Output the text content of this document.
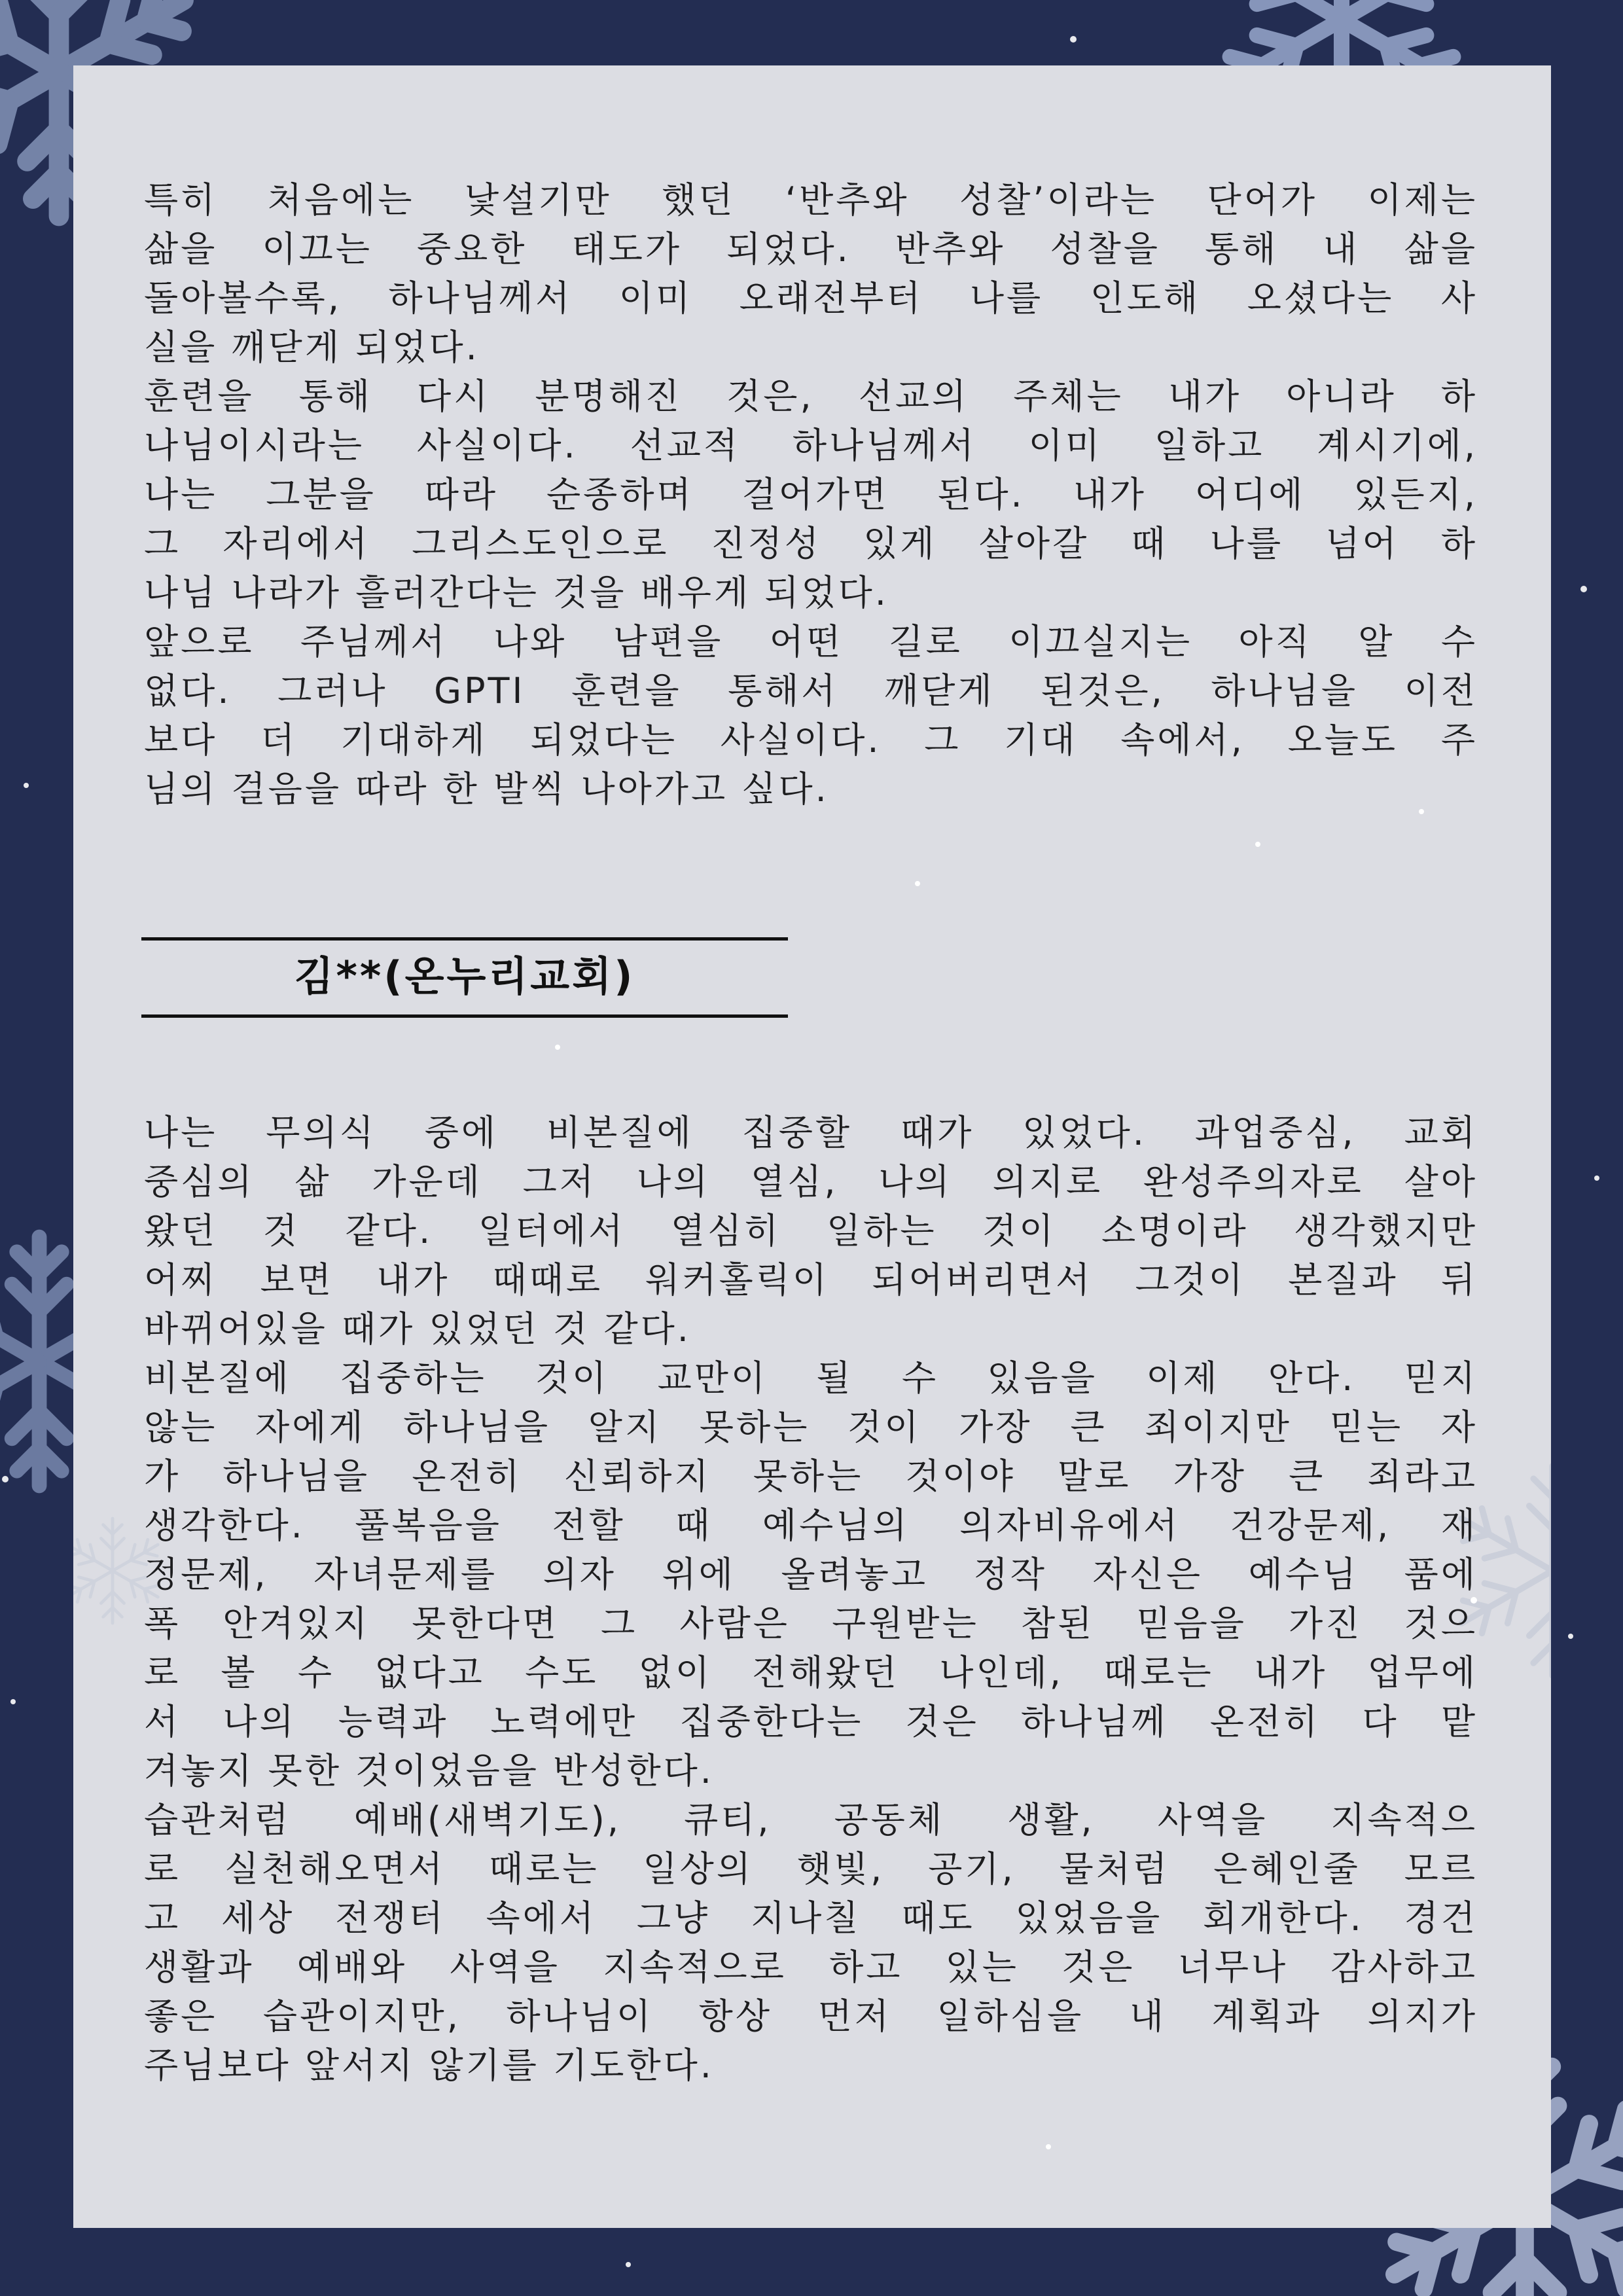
특히 처음에는 낯설기만 했던 ‘반추와 성찰’이라는 단어가 이제는
삶을 이끄는 중요한 태도가 되었다. 반추와 성찰을 통해 내 삶을
돌아볼수록, 하나님께서 이미 오래전부터 나를 인도해 오셨다는 사
실을 깨닫게 되었다.
훈련을 통해 다시 분명해진 것은, 선교의 주체는 내가 아니라 하
나님이시라는 사실이다. 선교적 하나님께서 이미 일하고 계시기에,
나는 그분을 따라 순종하며 걸어가면 된다. 내가 어디에 있든지,
그 자리에서 그리스도인으로 진정성 있게 살아갈 때 나를 넘어 하
나님 나라가 흘러간다는 것을 배우게 되었다.
앞으로 주님께서 나와 남편을 어떤 길로 이끄실지는 아직 알 수
없다. 그러나 GPTI 훈련을 통해서 깨닫게 된것은, 하나님을 이전
보다 더 기대하게 되었다는 사실이다. 그 기대 속에서, 오늘도 주
님의 걸음을 따라 한 발씩 나아가고 싶다.
김**(온누리교회)
나는 무의식 중에 비본질에 집중할 때가 있었다. 과업중심, 교회
중심의 삶 가운데 그저 나의 열심, 나의 의지로 완성주의자로 살아
왔던 것 같다. 일터에서 열심히 일하는 것이 소명이라 생각했지만
어찌 보면 내가 때때로 워커홀릭이 되어버리면서 그것이 본질과 뒤
바뀌어있을 때가 있었던 것 같다.
비본질에 집중하는 것이 교만이 될 수 있음을 이제 안다. 믿지
않는 자에게 하나님을 알지 못하는 것이 가장 큰 죄이지만 믿는 자
가 하나님을 온전히 신뢰하지 못하는 것이야 말로 가장 큰 죄라고
생각한다. 풀복음을 전할 때 예수님의 의자비유에서 건강문제, 재
정문제, 자녀문제를 의자 위에 올려놓고 정작 자신은 예수님 품에
폭 안겨있지 못한다면 그 사람은 구원받는 참된 믿음을 가진 것으
로 볼 수 없다고 수도 없이 전해왔던 나인데, 때로는 내가 업무에
서 나의 능력과 노력에만 집중한다는 것은 하나님께 온전히 다 맡
겨놓지 못한 것이었음을 반성한다.
습관처럼 예배(새벽기도), 큐티, 공동체 생활, 사역을 지속적으
로 실천해오면서 때로는 일상의 햇빛, 공기, 물처럼 은혜인줄 모르
고 세상 전쟁터 속에서 그냥 지나칠 때도 있었음을 회개한다. 경건
생활과 예배와 사역을 지속적으로 하고 있는 것은 너무나 감사하고
좋은 습관이지만, 하나님이 항상 먼저 일하심을 내 계획과 의지가
주님보다 앞서지 않기를 기도한다.
